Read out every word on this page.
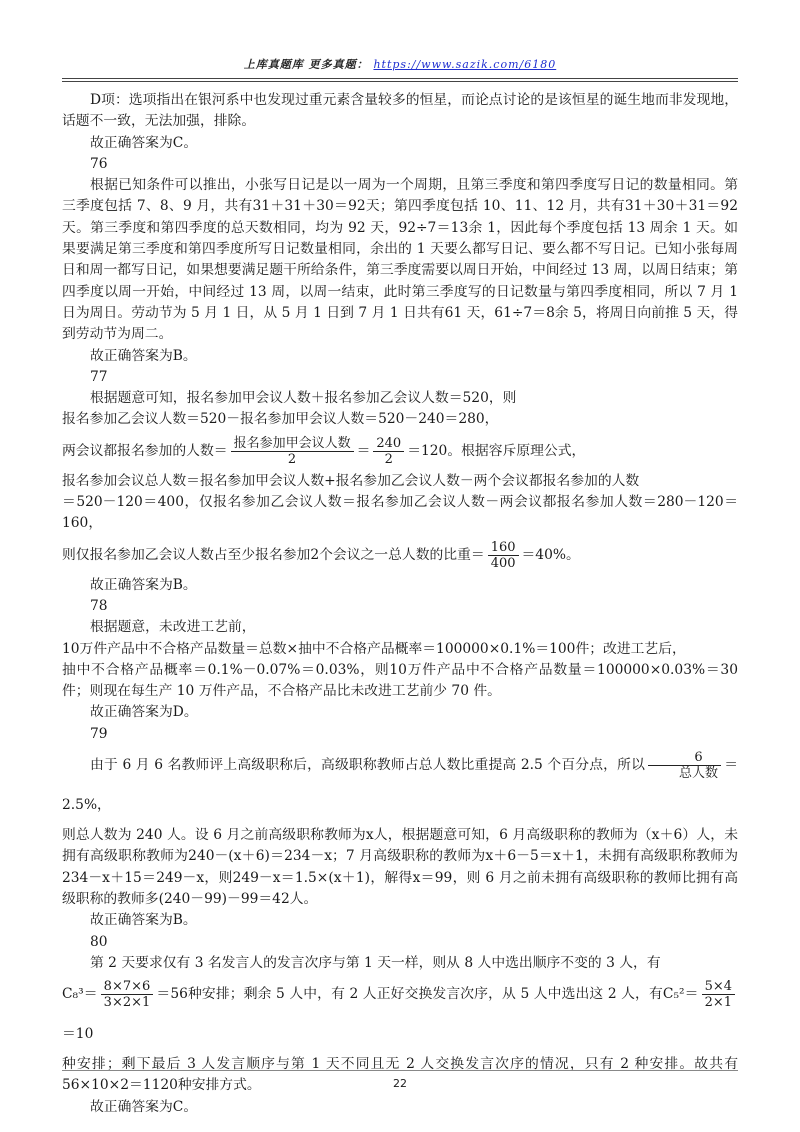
上库真题库 更多真题： https://www.sazik.com/6180

D项：选项指出在银河系中也发现过重元素含量较多的恒星，而论点讨论的是该恒星的诞生地而非发现地，话题不一致，无法加强，排除。

故正确答案为C。

76

根据已知条件可以推出，小张写日记是以一周为一个周期，且第三季度和第四季度写日记的数量相同。第三季度包括 7、8、9 月，共有31＋31＋30＝92天；第四季度包括 10、11、12 月，共有31＋30＋31＝92天。第三季度和第四季度的总天数相同，均为 92 天，92÷7＝13余 1，因此每个季度包括 13 周余 1 天。如果要满足第三季度和第四季度所写日记数量相同，余出的 1 天要么都写日记、要么都不写日记。已知小张每周日和周一都写日记，如果想要满足题干所给条件，第三季度需要以周日开始，中间经过 13 周，以周日结束；第四季度以周一开始，中间经过 13 周，以周一结束，此时第三季度写的日记数量与第四季度相同，所以 7 月 1 日为周日。劳动节为 5 月 1 日，从 5 月 1 日到 7 月 1 日共有61 天，61÷7＝8余 5，将周日向前推 5 天，得到劳动节为周二。

故正确答案为B。

77

根据题意可知，报名参加甲会议人数＋报名参加乙会议人数＝520，则

报名参加乙会议人数＝520－报名参加甲会议人数＝520－240＝280，

两会议都报名参加的人数＝ $\frac{\text{报名参加甲会议人数}}{2} = \frac{240}{2} =120$。根据容斥原理公式，

报名参加会议总人数＝报名参加甲会议人数+报名参加乙会议人数－两个会议都报名参加的人数

＝520－120＝400，仅报名参加乙会议人数＝报名参加乙会议人数－两会议都报名参加人数＝280－120＝160，

则仅报名参加乙会议人数占至少报名参加2个会议之一总人数的比重＝ $\frac{160}{400} =40\%$。

故正确答案为B。

78

根据题意，未改进工艺前，

10万件产品中不合格产品数量＝总数×抽中不合格产品概率＝100000×0.1%＝100件；改进工艺后，

抽中不合格产品概率＝0.1%－0.07%＝0.03%，则10万件产品中不合格产品数量＝100000×0.03%＝30件；则现在每生产 10 万件产品，不合格产品比未改进工艺前少 70 件。

故正确答案为D。

79

由于 6 月 6 名教师评上高级职称后，高级职称教师占总人数比重提高 2.5 个百分点，所以 $\frac{6}{\text{总人数}} =2.5\%$，

则总人数为 240 人。设 6 月之前高级职称教师为x人，根据题意可知，6 月高级职称的教师为（x＋6）人，未拥有高级职称教师为240－(x＋6)＝234－x；7 月高级职称的教师为x＋6－5＝x＋1，未拥有高级职称教师为234－x＋15＝249－x，则249－x＝1.5×(x＋1)，解得x＝99，则 6 月之前未拥有高级职称的教师比拥有高级职称的教师多(240－99)－99＝42人。

故正确答案为B。

80

第 2 天要求仅有 3 名发言人的发言次序与第 1 天一样，则从 8 人中选出顺序不变的 3 人，有

$C_8^3= \frac{8\times 7\times 6}{3\times 2\times 1} =56$种安排；剩余 5 人中，有 2 人正好交换发言次序，从 5 人中选出这 2 人，有$C_5^2= \frac{5\times 4}{2\times 1}$
＝10

种安排；剩下最后 3 人发言顺序与第 1 天不同且无 2 人交换发言次序的情况，只有 2 种安排。故共有56×10×2＝1120种安排方式。

故正确答案为C。

22
